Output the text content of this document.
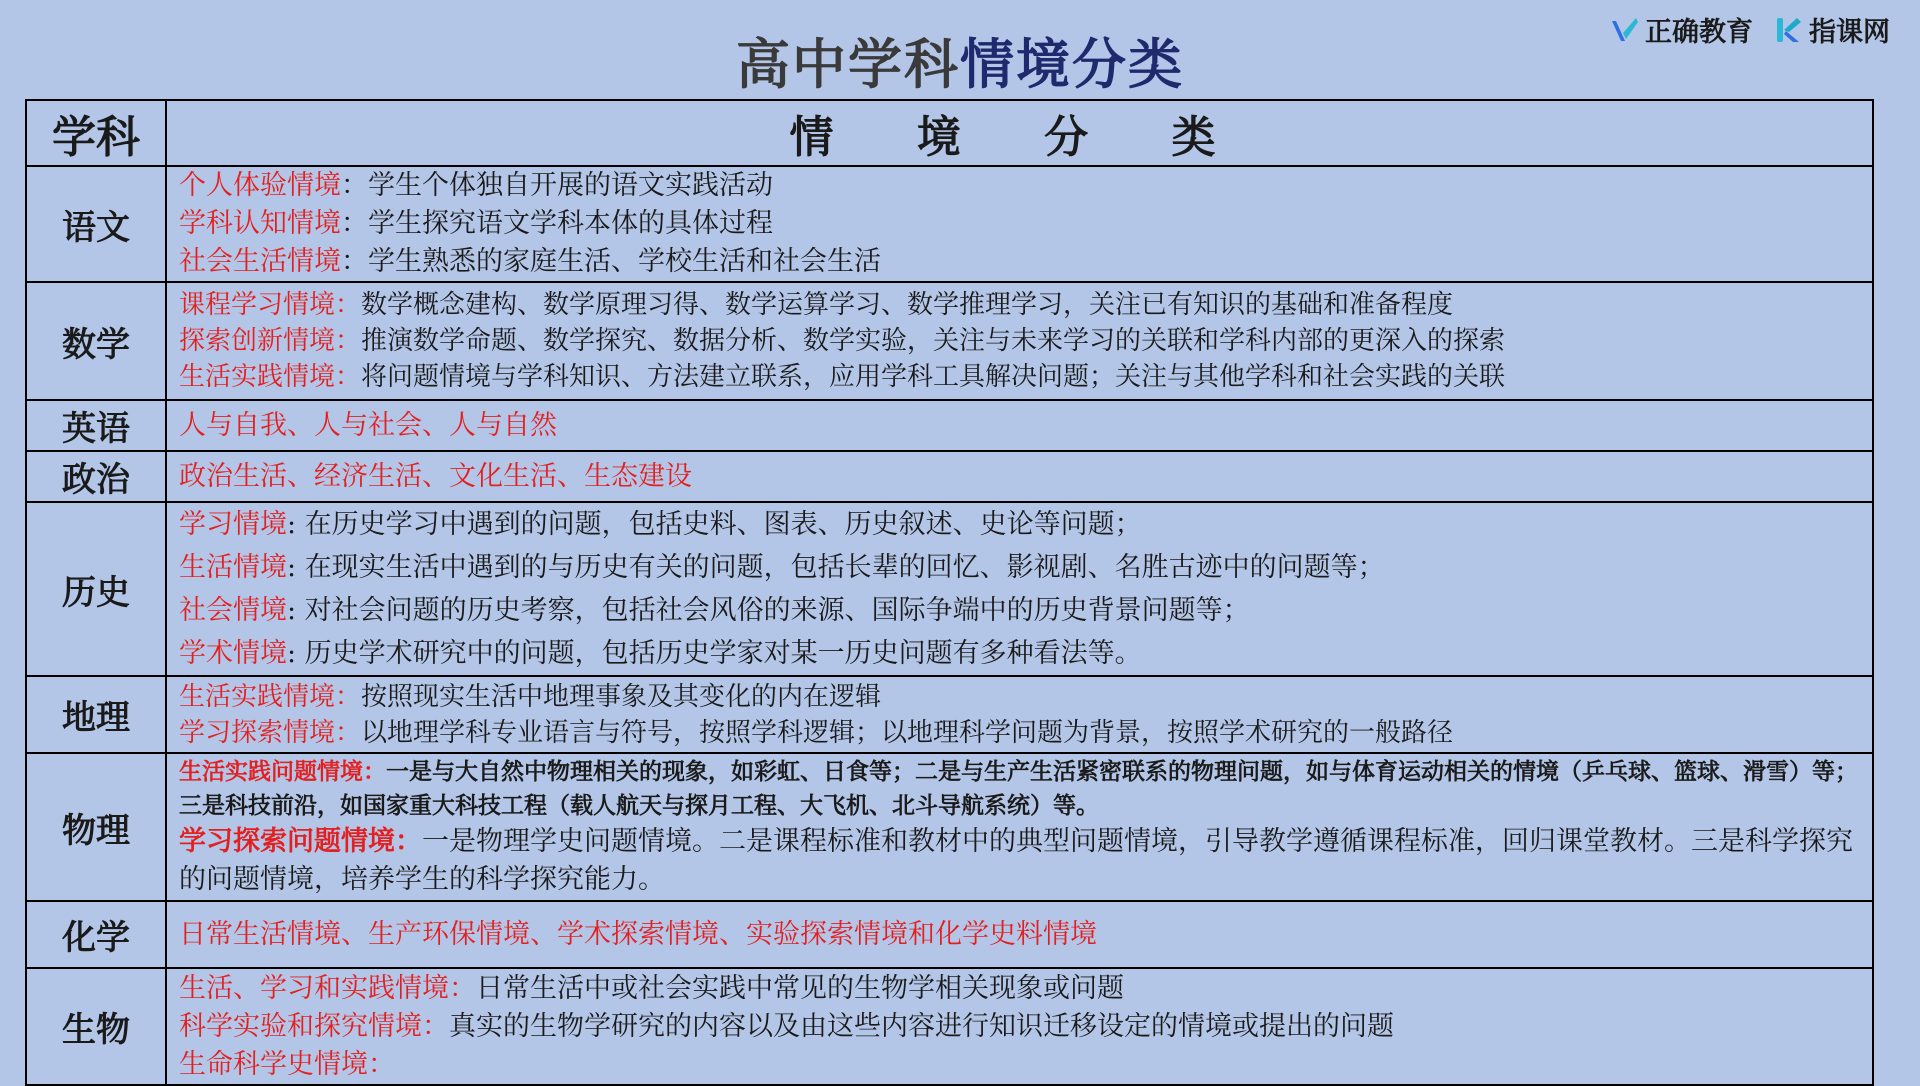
高中学科情境分类
正确教育 指课网
学科	情 境 分 类
语文	个人体验情境：学生个体独自开展的语文实践活动
学科认知情境：学生探究语文学科本体的具体过程
社会生活情境：学生熟悉的家庭生活、学校生活和社会生活

数学	课程学习情境：数学概念建构、数学原理习得、数学运算学习、数学推理学习，关注已有知识的基础和准备程度
探索创新情境：推演数学命题、数学探究、数据分析、数学实验，关注与未来学习的关联和学科内部的更深入的探索
生活实践情境：将问题情境与学科知识、方法建立联系，应用学科工具解决问题；关注与其他学科和社会实践的关联

英语	人与自我、人与社会、人与自然
政治	政治生活、经济生活、文化生活、生态建设
历史	学习情境: 在历史学习中遇到的问题，包括史料、图表、历史叙述、史论等问题；
生活情境: 在现实生活中遇到的与历史有关的问题，包括长辈的回忆、影视剧、名胜古迹中的问题等；
社会情境: 对社会问题的历史考察，包括社会风俗的来源、国际争端中的历史背景问题等；
学术情境: 历史学术研究中的问题，包括历史学家对某一历史问题有多种看法等。

地理	生活实践情境：按照现实生活中地理事象及其变化的内在逻辑
学习探索情境：以地理学科专业语言与符号，按照学科逻辑；以地理科学问题为背景，按照学术研究的一般路径

物理	生活实践问题情境：一是与大自然中物理相关的现象，如彩虹、日食等；二是与生产生活紧密联系的物理问题，如与体育运动相关的情境（乒乓球、篮球、滑雪）等；三是科技前沿，如国家重大科技工程（载人航天与探月工程、大飞机、北斗导航系统）等。
学习探索问题情境：一是物理学史问题情境。二是课程标准和教材中的典型问题情境，引导教学遵循课程标准，回归课堂教材。三是科学探究的问题情境，培养学生的科学探究能力。

化学	日常生活情境、生产环保情境、学术探索情境、实验探索情境和化学史料情境
生物	生活、学习和实践情境：日常生活中或社会实践中常见的生物学相关现象或问题
科学实验和探究情境：真实的生物学研究的内容以及由这些内容进行知识迁移设定的情境或提出的问题
生命科学史情境：
